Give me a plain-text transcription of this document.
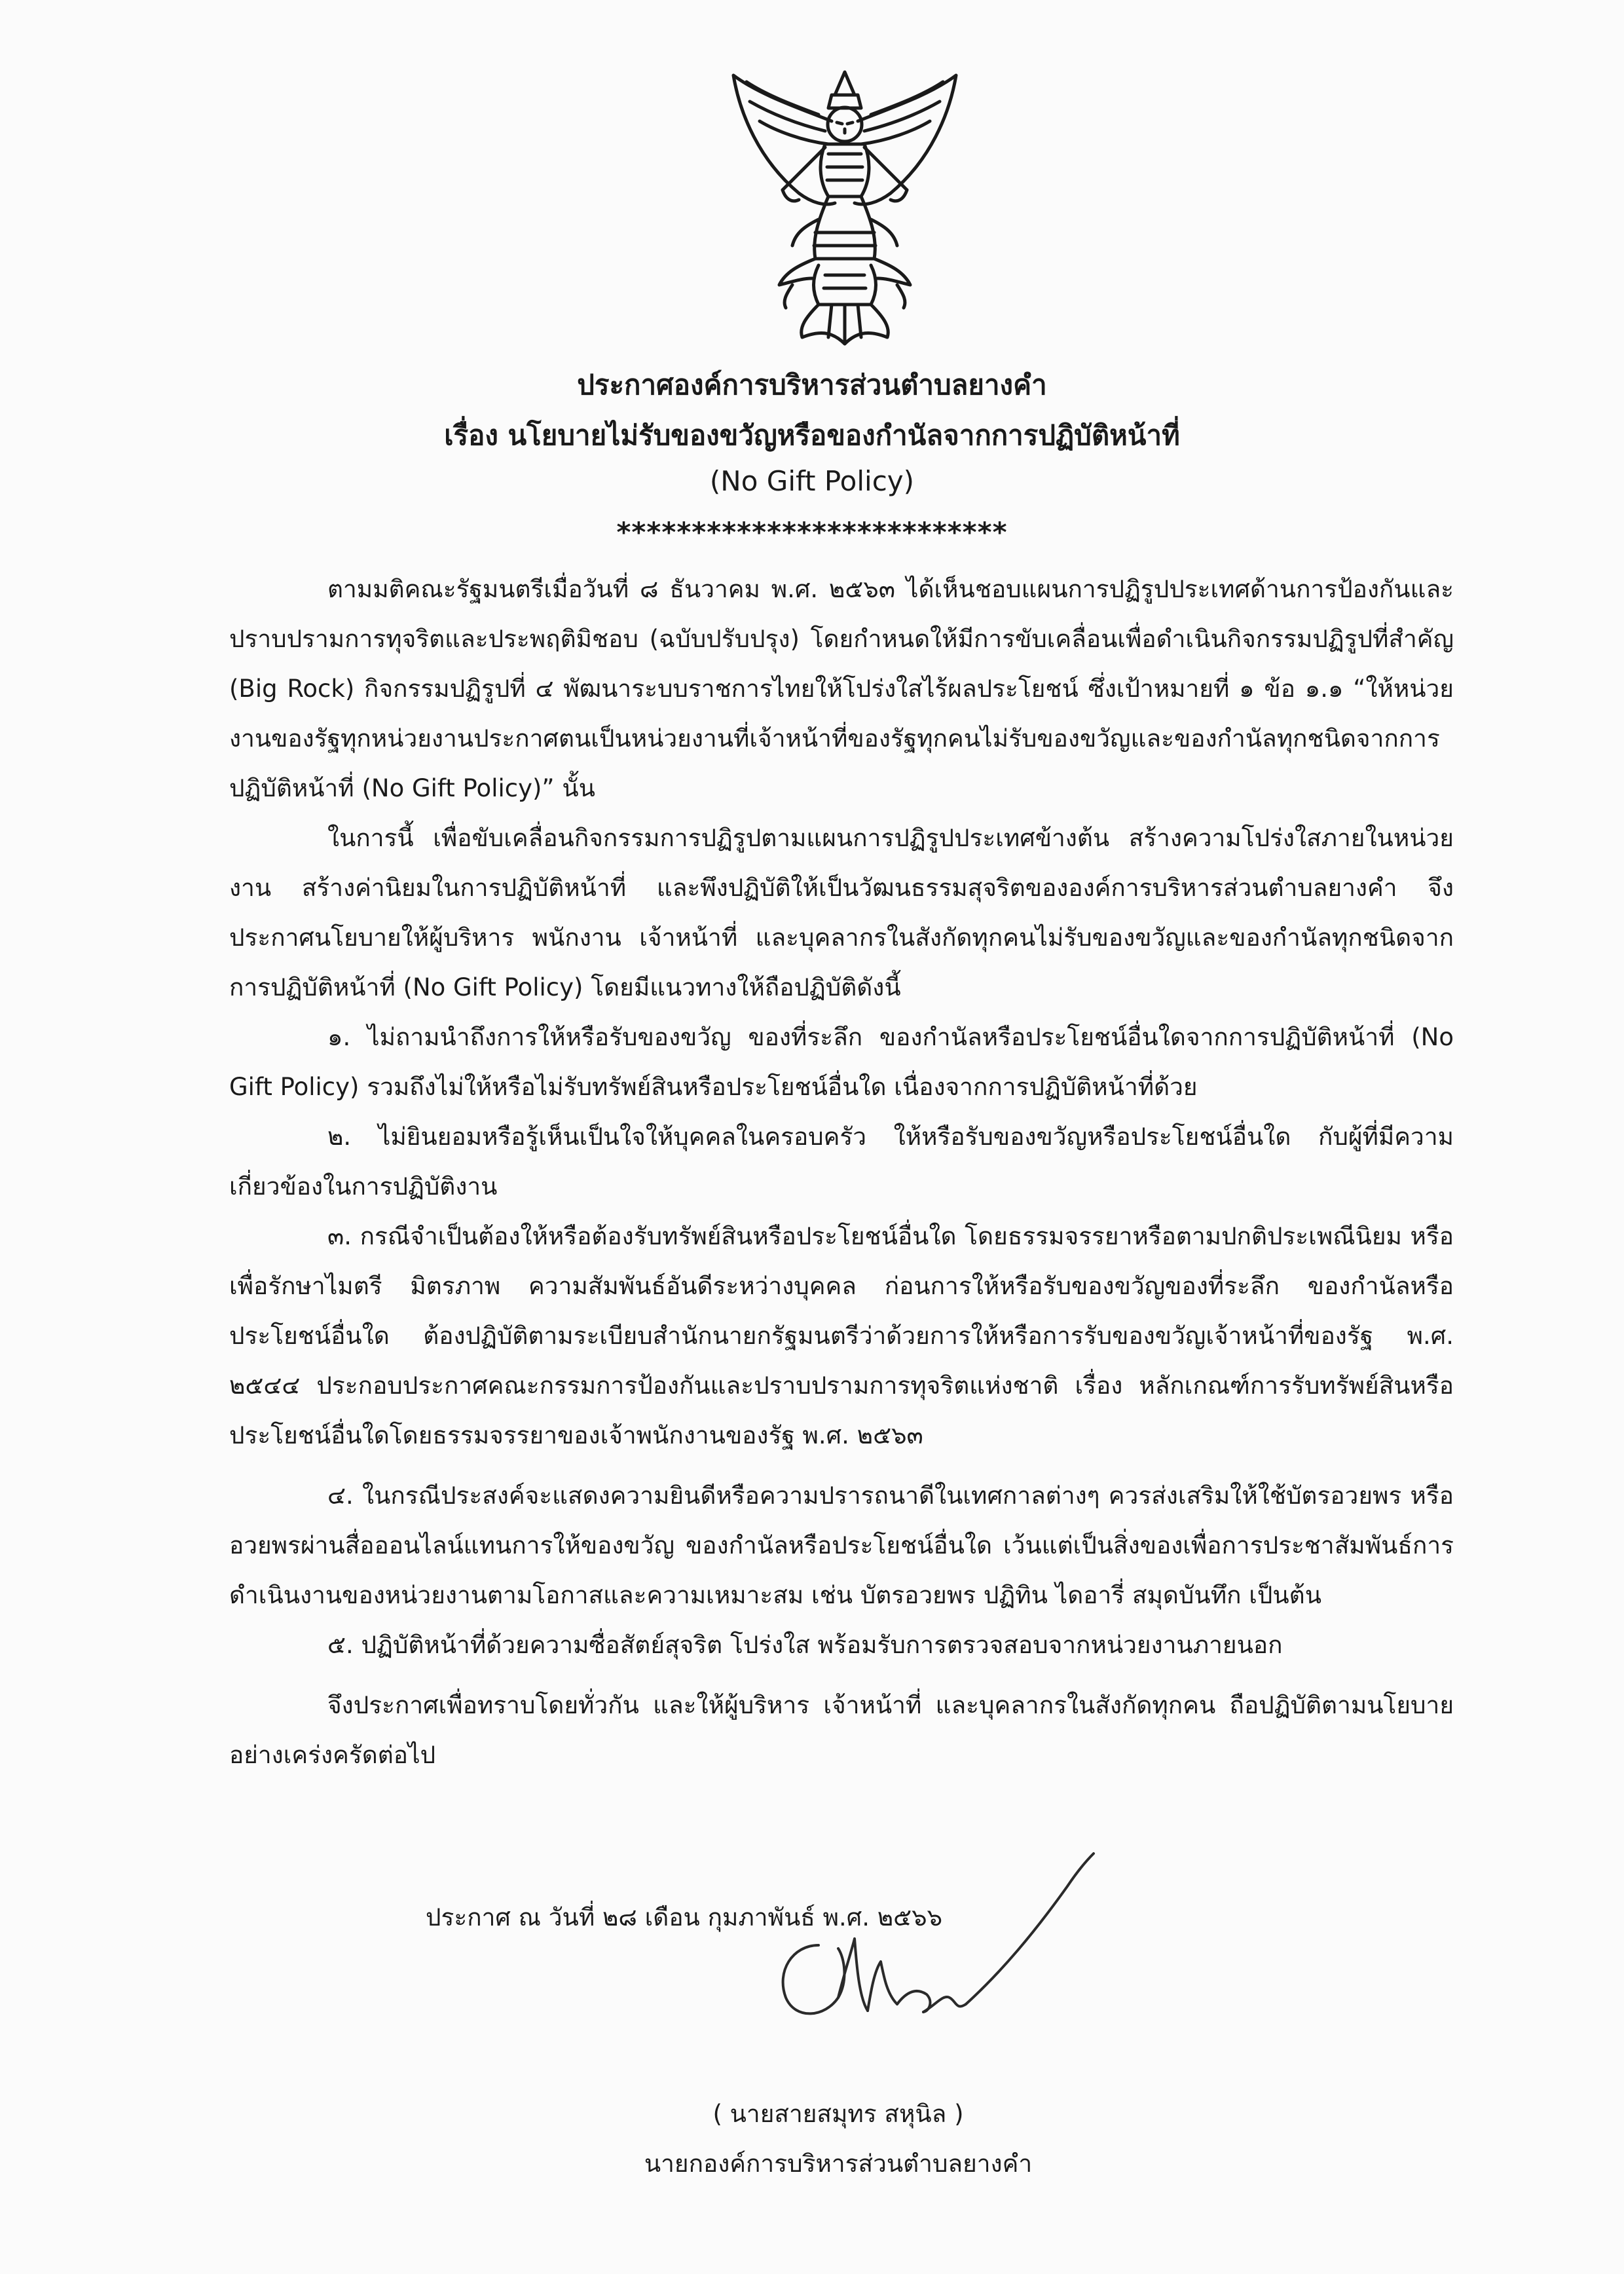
ประกาศองค์การบริหารส่วนตำบลยางคำ
เรื่อง นโยบายไม่รับของขวัญหรือของกำนัลจากการปฏิบัติหน้าที่
(No Gift Policy)
**************************

ตามมติคณะรัฐมนตรีเมื่อวันที่ ๘ ธันวาคม พ.ศ. ๒๕๖๓ ได้เห็นชอบแผนการปฏิรูปประเทศด้านการป้องกันและปราบปรามการทุจริตและประพฤติมิชอบ (ฉบับปรับปรุง) โดยกำหนดให้มีการขับเคลื่อนเพื่อดำเนินกิจกรรมปฏิรูปที่สำคัญ (Big Rock) กิจกรรมปฏิรูปที่ ๔ พัฒนาระบบราชการไทยให้โปร่งใสไร้ผลประโยชน์ ซึ่งเป้าหมายที่ ๑ ข้อ ๑.๑ “ให้หน่วยงานของรัฐทุกหน่วยงานประกาศตนเป็นหน่วยงานที่เจ้าหน้าที่ของรัฐทุกคนไม่รับของขวัญและของกำนัลทุกชนิดจากการปฏิบัติหน้าที่ (No Gift Policy)” นั้น

ในการนี้ เพื่อขับเคลื่อนกิจกรรมการปฏิรูปตามแผนการปฏิรูปประเทศข้างต้น สร้างความโปร่งใสภายในหน่วยงาน สร้างค่านิยมในการปฏิบัติหน้าที่ และพึงปฏิบัติให้เป็นวัฒนธรรมสุจริตขององค์การบริหารส่วนตำบลยางคำ จึงประกาศนโยบายให้ผู้บริหาร พนักงาน เจ้าหน้าที่ และบุคลากรในสังกัดทุกคนไม่รับของขวัญและของกำนัลทุกชนิดจากการปฏิบัติหน้าที่ (No Gift Policy) โดยมีแนวทางให้ถือปฏิบัติดังนี้

๑. ไม่ถามนำถึงการให้หรือรับของขวัญ ของที่ระลึก ของกำนัลหรือประโยชน์อื่นใดจากการปฏิบัติหน้าที่ (No Gift Policy) รวมถึงไม่ให้หรือไม่รับทรัพย์สินหรือประโยชน์อื่นใด เนื่องจากการปฏิบัติหน้าที่ด้วย

๒. ไม่ยินยอมหรือรู้เห็นเป็นใจให้บุคคลในครอบครัว ให้หรือรับของขวัญหรือประโยชน์อื่นใด กับผู้ที่มีความเกี่ยวข้องในการปฏิบัติงาน

๓. กรณีจำเป็นต้องให้หรือต้องรับทรัพย์สินหรือประโยชน์อื่นใด โดยธรรมจรรยาหรือตามปกติประเพณีนิยม หรือเพื่อรักษาไมตรี มิตรภาพ ความสัมพันธ์อันดีระหว่างบุคคล ก่อนการให้หรือรับของขวัญของที่ระลึก ของกำนัลหรือประโยชน์อื่นใด ต้องปฏิบัติตามระเบียบสำนักนายกรัฐมนตรีว่าด้วยการให้หรือการรับของขวัญเจ้าหน้าที่ของรัฐ พ.ศ. ๒๕๔๔ ประกอบประกาศคณะกรรมการป้องกันและปราบปรามการทุจริตแห่งชาติ เรื่อง หลักเกณฑ์การรับทรัพย์สินหรือประโยชน์อื่นใดโดยธรรมจรรยาของเจ้าพนักงานของรัฐ พ.ศ. ๒๕๖๓

๔. ในกรณีประสงค์จะแสดงความยินดีหรือความปรารถนาดีในเทศกาลต่างๆ ควรส่งเสริมให้ใช้บัตรอวยพร หรืออวยพรผ่านสื่อออนไลน์แทนการให้ของขวัญ ของกำนัลหรือประโยชน์อื่นใด เว้นแต่เป็นสิ่งของเพื่อการประชาสัมพันธ์การดำเนินงานของหน่วยงานตามโอกาสและความเหมาะสม เช่น บัตรอวยพร ปฏิทิน ไดอารี่ สมุดบันทึก เป็นต้น

๕. ปฏิบัติหน้าที่ด้วยความซื่อสัตย์สุจริต โปร่งใส พร้อมรับการตรวจสอบจากหน่วยงานภายนอก

จึงประกาศเพื่อทราบโดยทั่วกัน และให้ผู้บริหาร เจ้าหน้าที่ และบุคลากรในสังกัดทุกคน ถือปฏิบัติตามนโยบายอย่างเคร่งครัดต่อไป

ประกาศ ณ วันที่ ๒๘ เดือน กุมภาพันธ์ พ.ศ. ๒๕๖๖
( นายสายสมุทร สหุนิล )
นายกองค์การบริหารส่วนตำบลยางคำ
